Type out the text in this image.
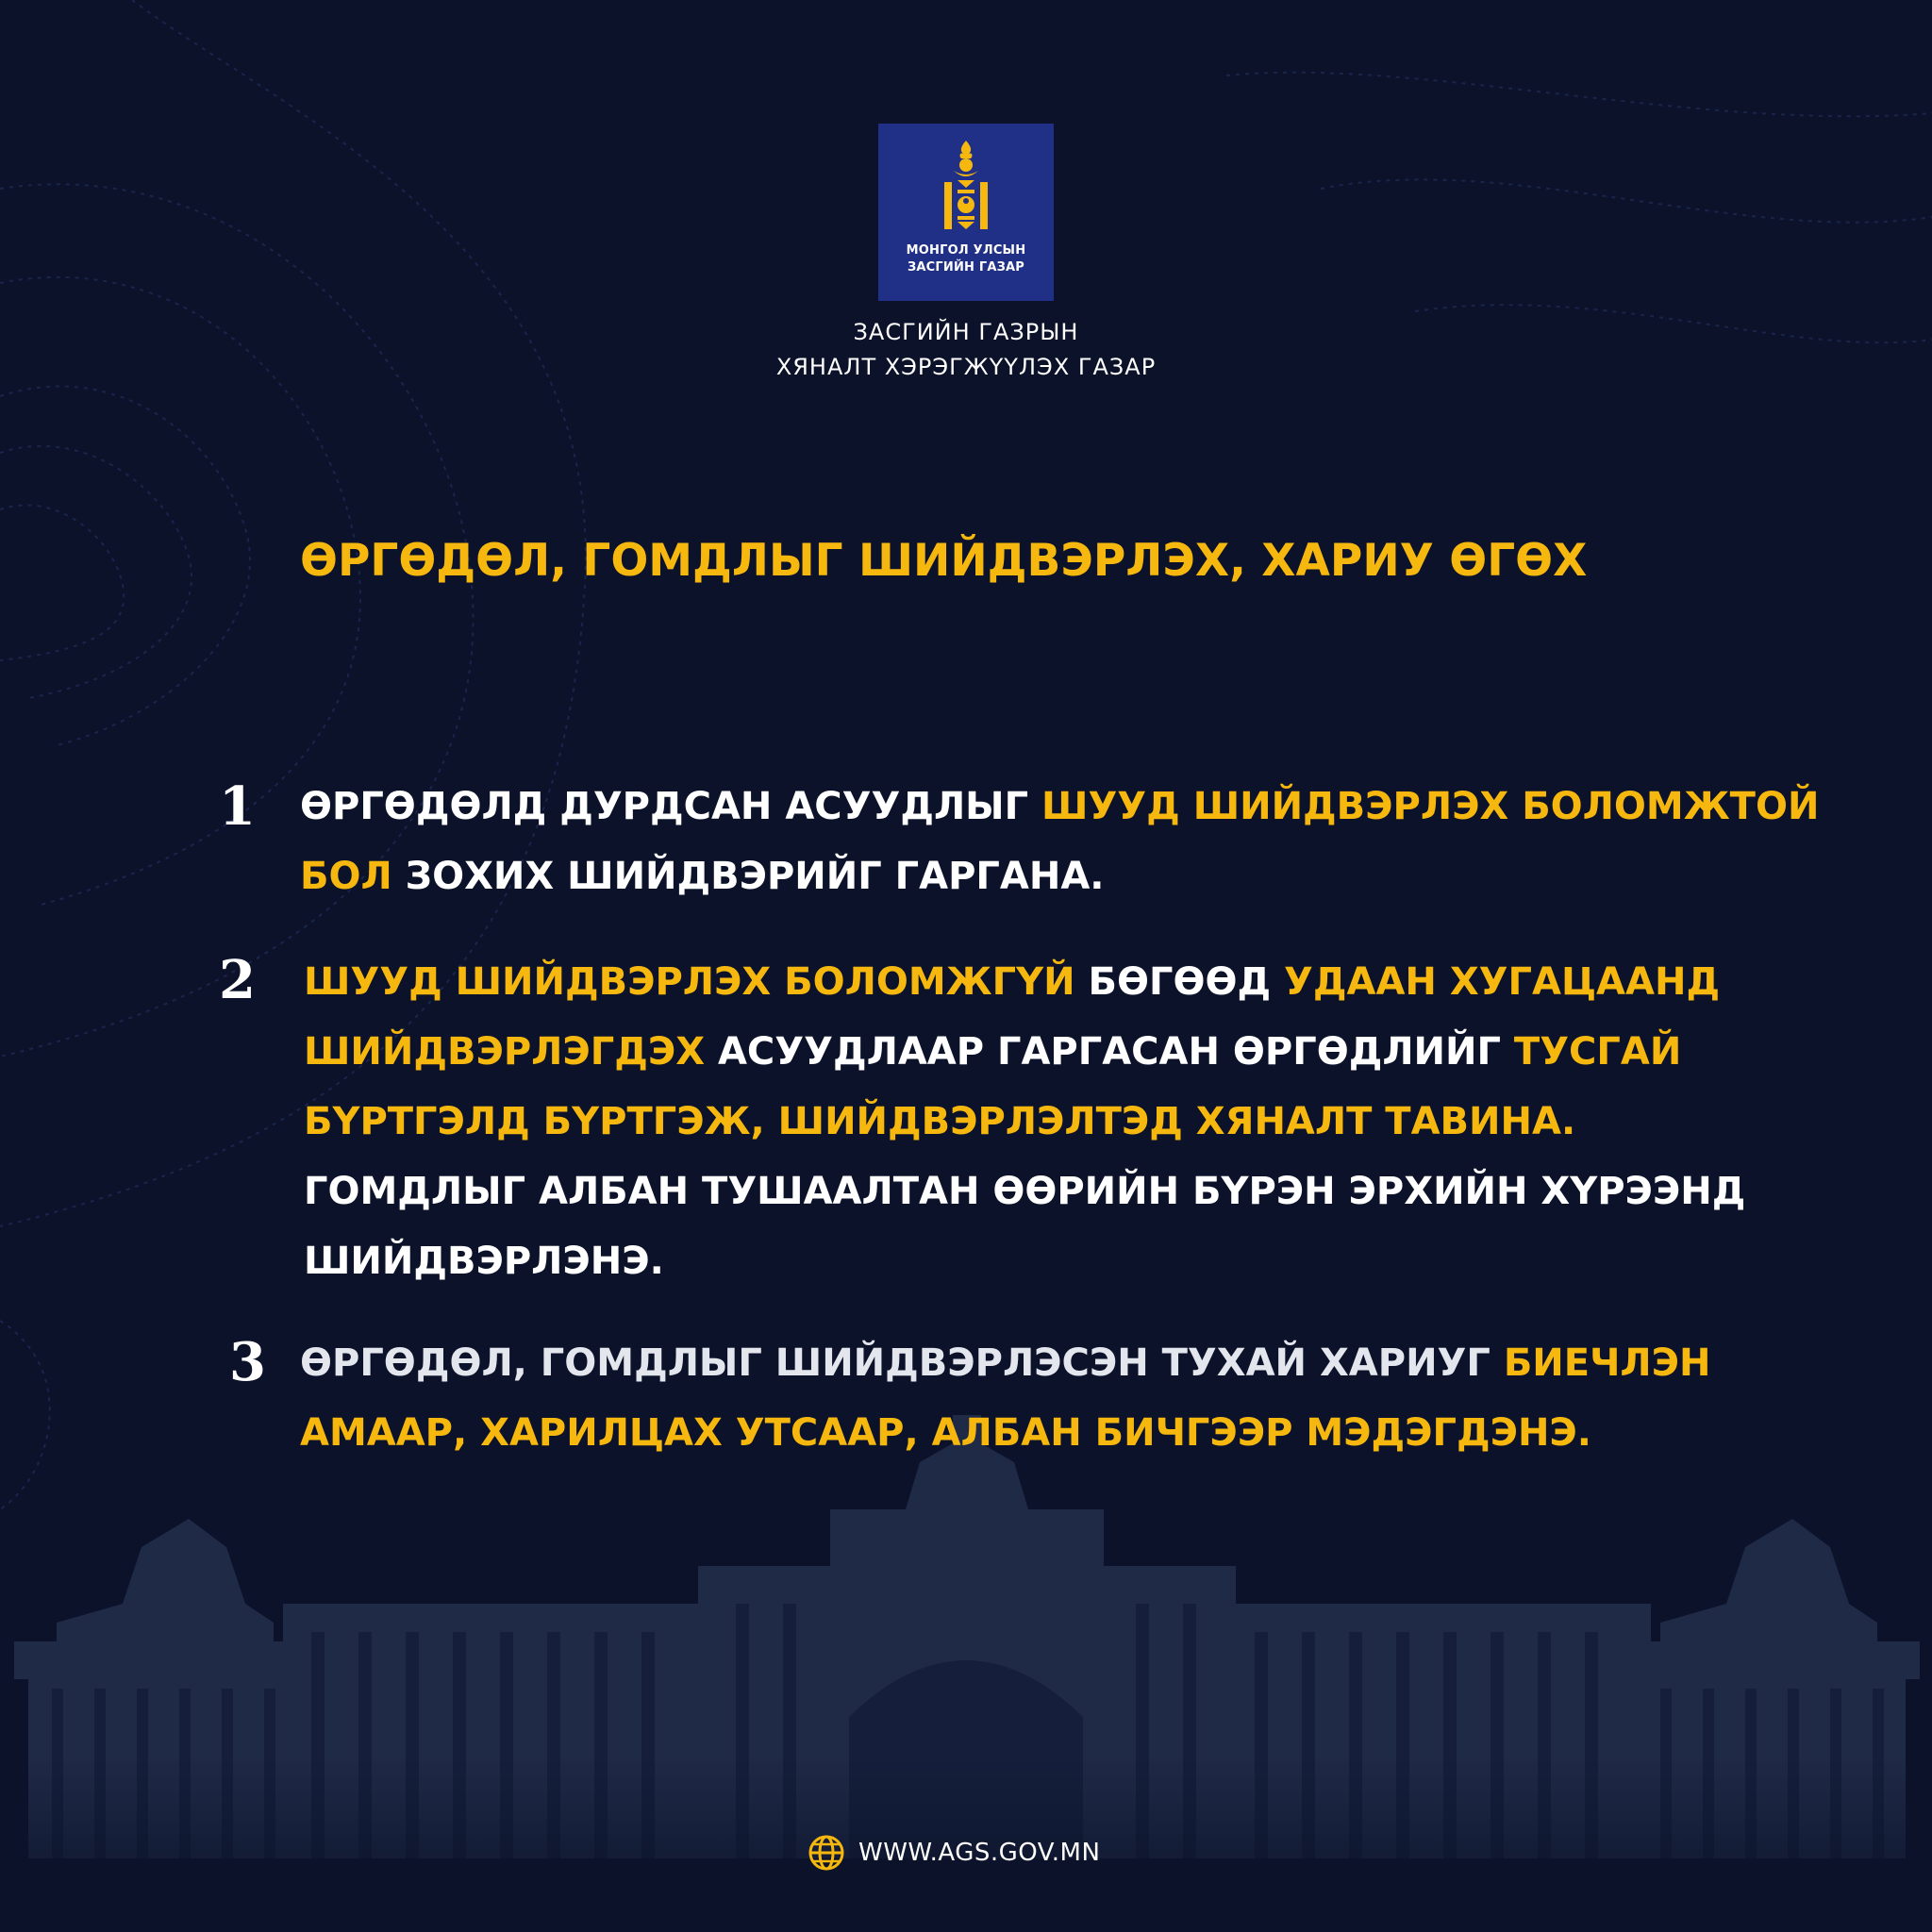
МОНГОЛ УЛСЫН
ЗАСГИЙН ГАЗАР
ЗАСГИЙН ГАЗРЫН
ХЯНАЛТ ХЭРЭГЖҮҮЛЭХ ГАЗАР
ӨРГӨДӨЛ, ГОМДЛЫГ ШИЙДВЭРЛЭХ, ХАРИУ ӨГӨХ
1 ӨРГӨДӨЛД ДУРДСАН АСУУДЛЫГ ШУУД ШИЙДВЭРЛЭХ БОЛОМЖТОЙ
БОЛ ЗОХИХ ШИЙДВЭРИЙГ ГАРГАНА.
2 ШУУД ШИЙДВЭРЛЭХ БОЛОМЖГҮЙ БӨГӨӨД УДААН ХУГАЦААНД
ШИЙДВЭРЛЭГДЭХ АСУУДЛААР ГАРГАСАН ӨРГӨДЛИЙГ ТУСГАЙ
БҮРТГЭЛД БҮРТГЭЖ, ШИЙДВЭРЛЭЛТЭД ХЯНАЛТ ТАВИНА.
ГОМДЛЫГ АЛБАН ТУШААЛТАН ӨӨРИЙН БҮРЭН ЭРХИЙН ХҮРЭЭНД
ШИЙДВЭРЛЭНЭ.
3 ӨРГӨДӨЛ, ГОМДЛЫГ ШИЙДВЭРЛЭСЭН ТУХАЙ ХАРИУГ БИЕЧЛЭН
АМААР, ХАРИЛЦАХ УТСААР, АЛБАН БИЧГЭЭР МЭДЭГДЭНЭ.
WWW.AGS.GOV.MN
